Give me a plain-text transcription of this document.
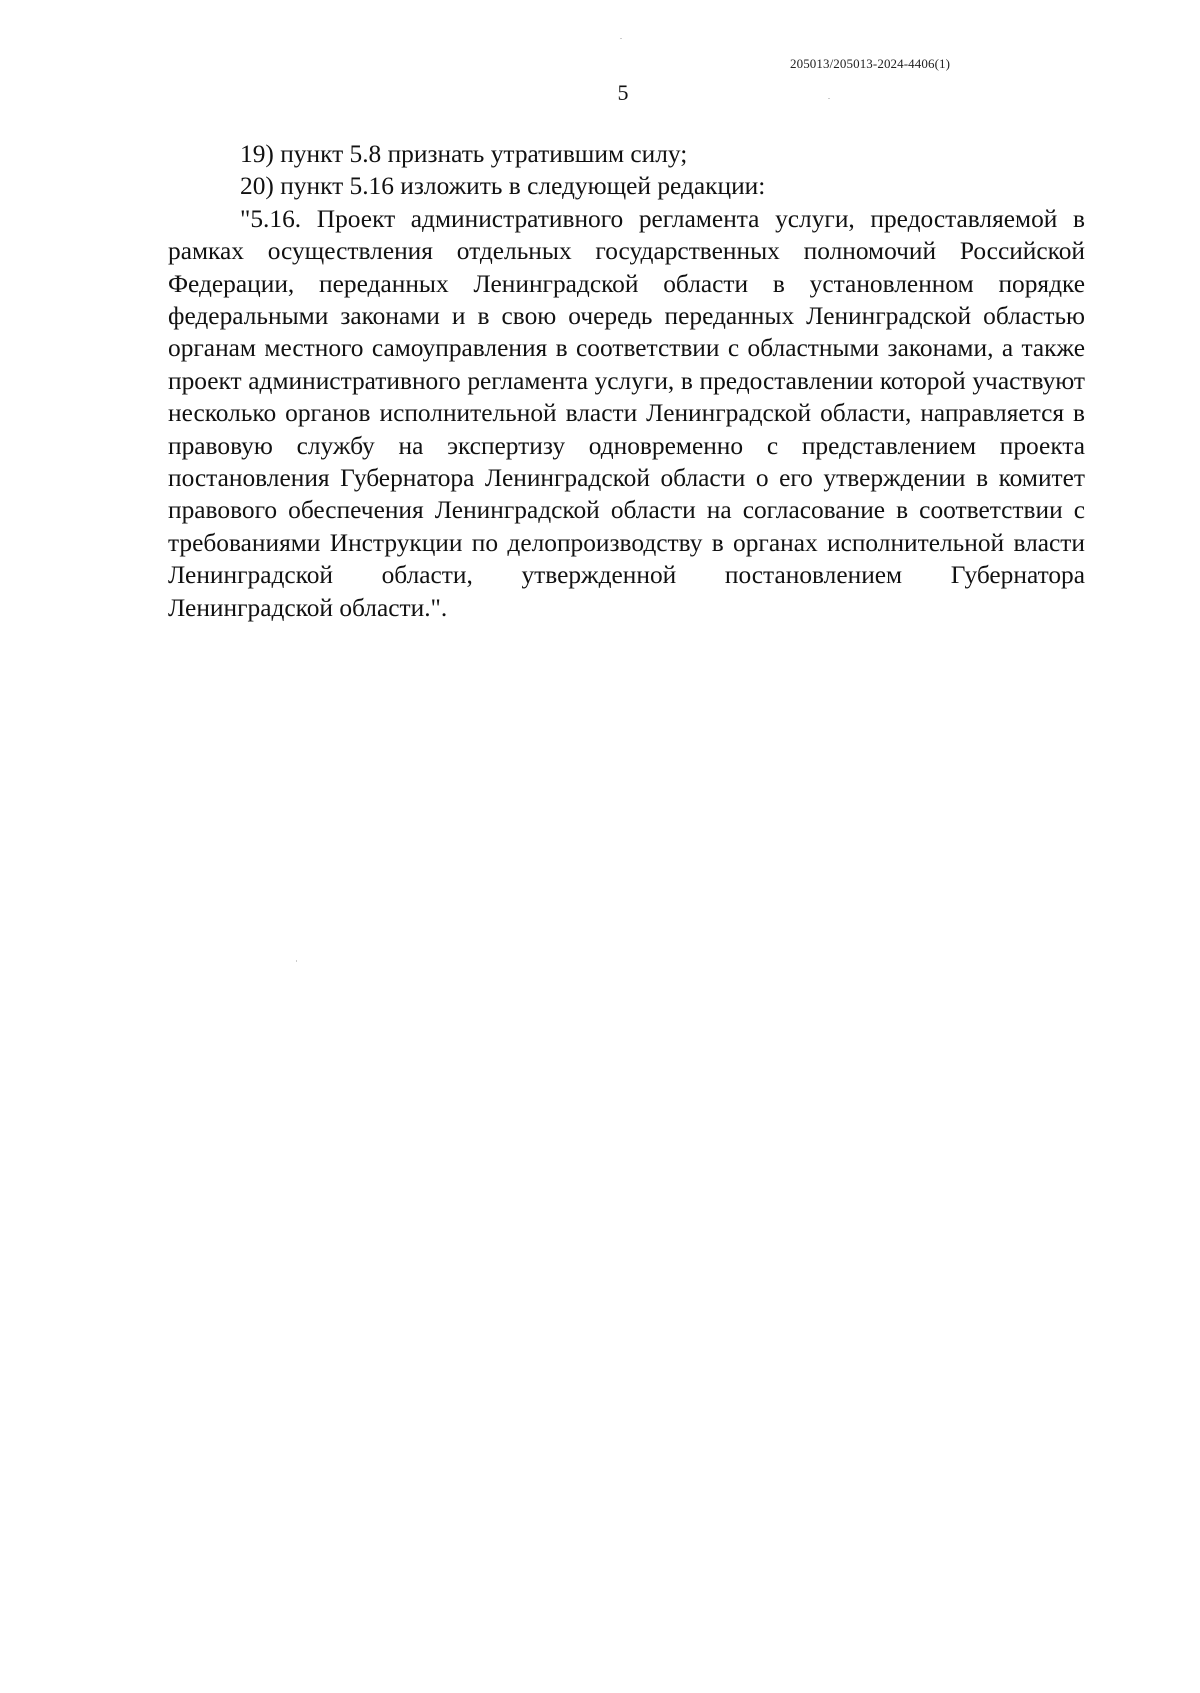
205013/205013-2024-4406(1)
5

19) пункт 5.8 признать утратившим силу;

20) пункт 5.16 изложить в следующей редакции:

"5.16. Проект административного регламента услуги, предоставляемой в рамках осуществления отдельных государственных полномочий Российской Федерации, переданных Ленинградской области в установленном порядке федеральными законами и в свою очередь переданных Ленинградской областью органам местного самоуправления в соответствии с областными законами, а также проект административного регламента услуги, в предоставлении которой участвуют несколько органов исполнительной власти Ленинградской области, направляется в правовую службу на экспертизу одновременно с представлением проекта постановления Губернатора Ленинградской области о его утверждении в комитет правового обеспечения Ленинградской области на согласование в соответствии с требованиями Инструкции по делопроизводству в органах исполнительной власти Ленинградской области, утвержденной постановлением Губернатора Ленинградской области.".
